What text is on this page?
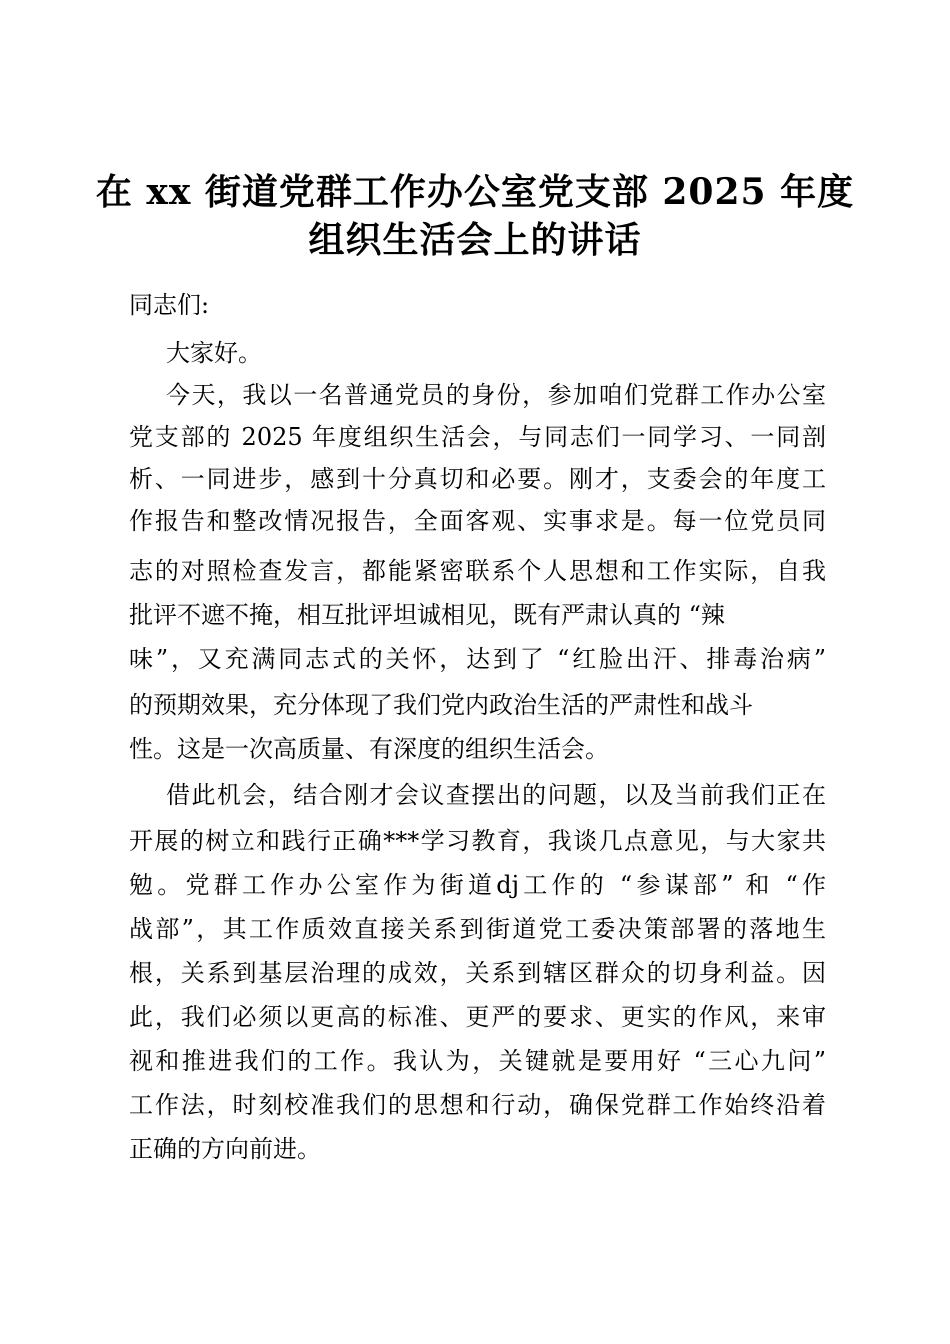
在 xx 街道党群工作办公室党支部 2025 年度
组织生活会上的讲话
同志们:
大家好。
今天，我以一名普通党员的身份，参加咱们党群工作办公室
党支部的 2025 年度组织生活会，与同志们一同学习、一同剖
析、一同进步，感到十分真切和必要。刚才，支委会的年度工
作报告和整改情况报告，全面客观、实事求是。每一位党员同
志的对照检查发言，都能紧密联系个人思想和工作实际，自我
批评不遮不掩，相互批评坦诚相见，既有严肃认真的 “辣
味”，又充满同志式的关怀，达到了 “红脸出汗、排毒治病”
的预期效果，充分体现了我们党内政治生活的严肃性和战斗
性。这是一次高质量、有深度的组织生活会。
借此机会，结合刚才会议查摆出的问题，以及当前我们正在
开展的树立和践行正确***学习教育，我谈几点意见，与大家共
勉。党群工作办公室作为街道dj工作的 “参谋部” 和 “作
战部”，其工作质效直接关系到街道党工委决策部署的落地生
根，关系到基层治理的成效，关系到辖区群众的切身利益。因
此，我们必须以更高的标准、更严的要求、更实的作风，来审
视和推进我们的工作。我认为，关键就是要用好 “三心九问”
工作法，时刻校准我们的思想和行动，确保党群工作始终沿着
正确的方向前进。
